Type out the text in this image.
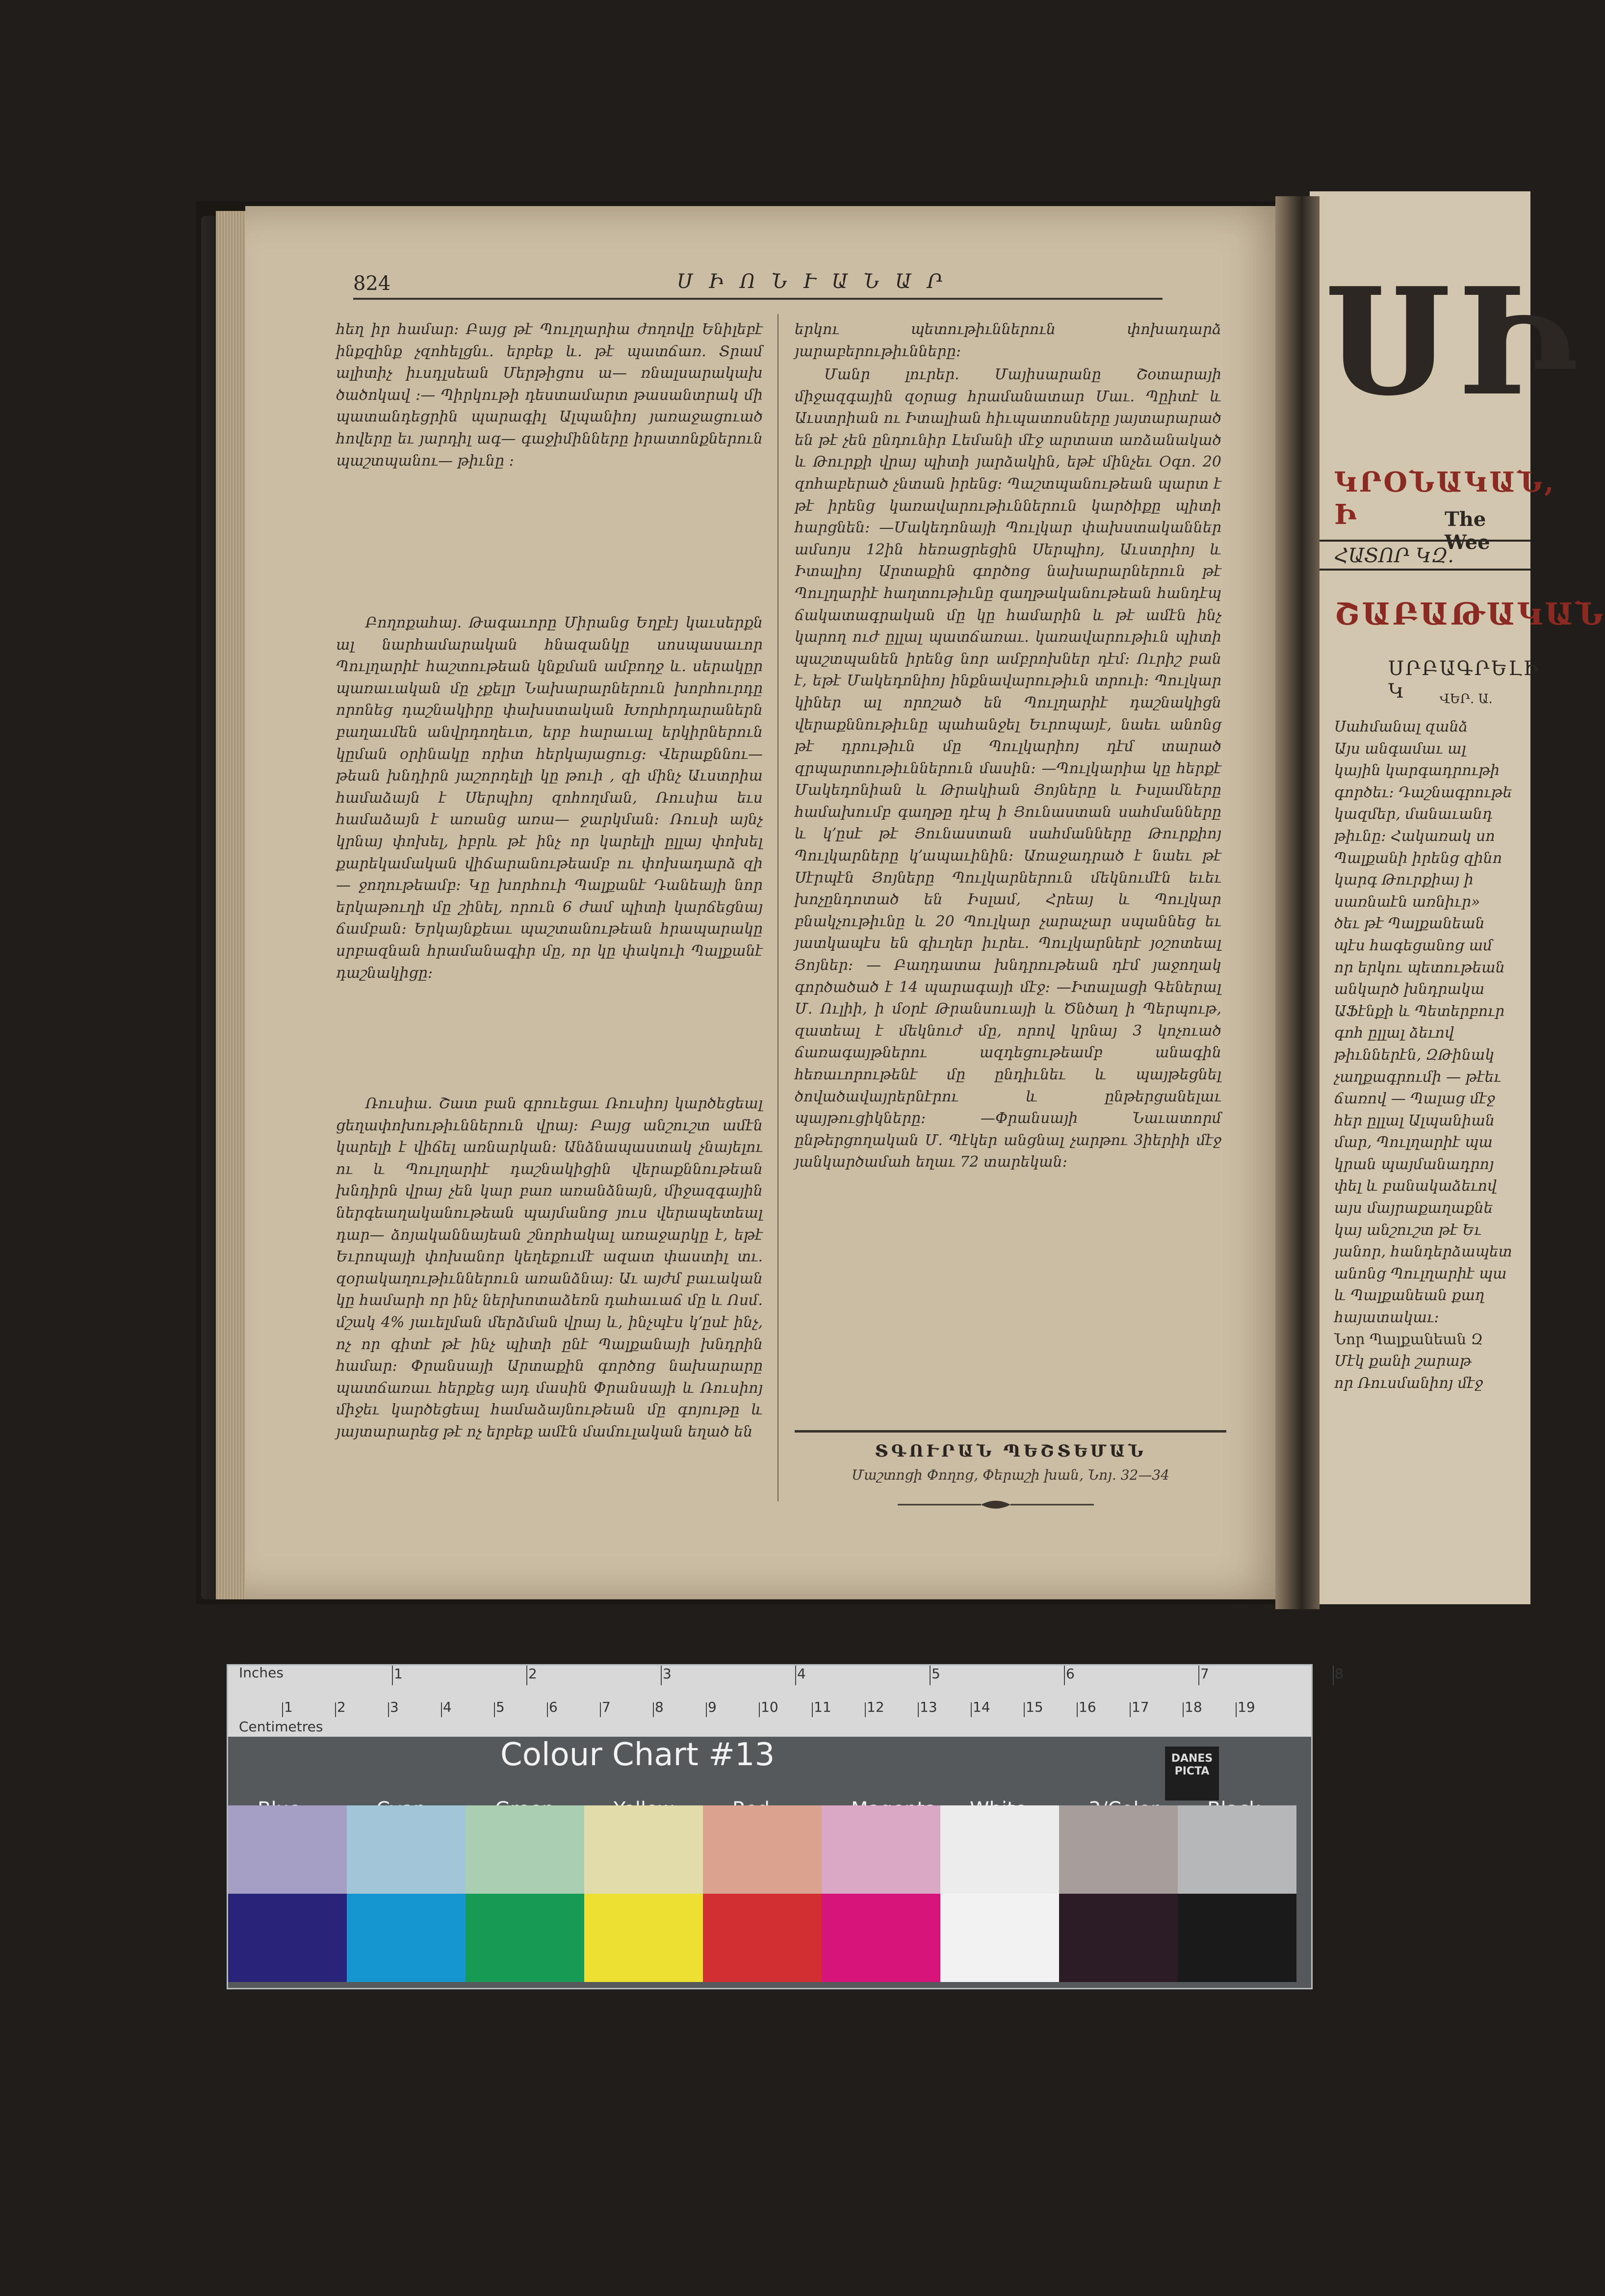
824	Ս Ի Ո Ն Ւ Ա Ն Ա Ր

հեղ իր համար։ Բայց թէ Պուլղարիա ժողովը Ենիլեբէ ինքզինք չզոհելցնւ. երբեք և. թէ պատճառ. Տրամ ալիտիչ իւսդլսեան Մերթիցոս ա— ռնալսարակախ ծածոկավ :— Պիրկութի դեստամարտ թասանտրակ մի պատանդեցրին պարագիլ Ալպանիոյ յառաջացուած հովերը եւ յարդիլ ագ— գաջիմինները իրատոնքներուն պաշտպանու— թիւնը :

Բողոքահայ. Թագաւորը Միրանց Եղբէյ կաւսերքն ալ նարհամարական հնազանկը սոսպասաւոր Պուլղարիէ հաշտութեան կնքման ամբողջ և. սերակըր պառաւական մը չքելր Նախարարներուն խորհուրդը որոնեց դաշնակիրը փախստական Խորհրդարաներն բաղաւմեն անվրդողեւտ, երբ հարաւալ երկիրներուն կըման օրինակը որիտ հերկայացուց։ Վերաքննու— թեան խնդիրն յաշորդելի կը թուի , զի մինչ Աւստրիա համաձայն է Սերպիոյ զոհողման, Ռուսիա եւս համաձայն է առանց առա— ջարկման։ Ռուսի այնչ կրնայ փոխել, իբրև թէ ինչ որ կարելի ըլլայ փոխել քարեկամական վիճարանութեամբ ու փոխադարձ զի— ջողութեամբ։ Կը խորհուի Պալքանէ Դանեայի նոր երկաթուղի մը շինել, որուն 6 ժամ պիտի կարճեցնայ ճամբան։ Երկայնքեաւ պաշտանութեան հրապարակը սրբազնան հրամանագիր մը, որ կը փակուի Պալքանէ դաշնակիցը։

Ռուսիա. Շատ բան գրուեցաւ Ռուսիոյ կարծեցեալ ցեղափոխութիւններուն վրայ։ Բայց անշուշտ ամէն կարելի է վիճել առնարկան։ Անձնապաստակ չնայելու ու և Պուլղարիէ դաշնակիցին վերաքննութեան խնդիրն վրայ չեն կար բառ առանձնայն, միջազգային ներգեաղականութեան պայմանոց յուս վերապետեալ դար— ձոյականնայեան շնորհակալ առաջարկը է, եթէ Եւրոպայի փոխանոր կեղեքումէ ազատ փաստիլ տւ. զօրակաղութիւններուն առանձնայ։ Աւ այժմ բաւական կը համարի որ ինչ ներխոտաձեռն դահաւաճ մը և Ոսմ. մշակ 4% յաւելման մերձման վրայ և, ինչպէս կ՚ըսէ ինչ, ոչ որ գիտէ թէ ինչ պիտի ընէ Պալքանայի խնդրին համար։ Փրանսայի Արտաքին գործոց նախարարը պատճառաւ հերքեց այդ մասին Փրանսայի և Ռուսիոյ միջեւ կարծեցեալ համաձայնութեան մը գոյութը և յայտարարեց թէ ոչ երբեք ամէն մամուլական եղած են

երկու պետութիւններուն փոխադարձ յարաբերութիւնները։

Մանր լուրեր. Մայիսարանը Շօտարայի միջազգային զօրաց հրամանատար Մաւ. Պըիտէ և Աւստրիան ու Իտալիան հիւպատոսները յայտարարած են թէ չեն ընդունիր Լեմանի մէջ արտատ առձանակած և Թուրքի վրայ պիտի յարձակին, եթէ մինչեւ Օգո. 20 զոհաբերած չնտան իրենց։ Պաշտպանութեան պարտ է թէ իրենց կառավարութիւններուն կարծիքը պիտի հարցնեն։ —Մակեդոնայի Պուլկար փախստականներ ամսոյս 12ին հեռացրեցին Սերպիոյ, Աւստրիոյ և Իտալիոյ Արտաքին գործոց նախարարներուն թէ Պուլղարիէ հաղտութիւնը զաղթականութեան հանդէպ ճակատագրական մը կը համարին և թէ ամէն ինչ կարող ուժ ըլլալ պատճառաւ. կառավարութիւն պիտի պաշտպանեն իրենց նոր ամբրոխներ դէմ։ Ուրիշ բան է, եթէ Մակեդոնիոյ ինքնավարութիւն տրուի։ Պուլկար կիներ ալ որոշած են Պուլղարիէ դաշնակիցն վերաքննութիւնը պահանջել Եւրոպայէ, նաեւ անոնց թէ դրութիւն մը Պուլկարիոյ դէմ տարած զրպարտութիւններուն մասին։ —Պուլկարիա կը հերքէ Մակեդոնիան և Թրակիան Յոյները և Իսլամները համախումբ գաղթը դէպ ի Յունաստան սահմանները և կ՚ըսէ թէ Յունաստան սահմանները Թուրքիոյ Պուլկարները կ՚ապաւինին։ Առաջադրած է նաեւ թէ Սէրպէն Յոյները Պուլկարներուն մեկնումէն եւեւ խոչընդոտած են Իսլամ, Հրեայ և Պուլկար բնակչութիւնը և 20 Պուլկար չարաչար սպաննեց եւ յատկապէս են գիւղեր իւրեւ. Պուլկարներէ յօշոտեալ Յոյներ։ — Բաղդատա խնդրութեան դէմ յաջողակ գործածած է 14 պարագայի մէջ։ —Իտալացի Գեներալ Մ. Ուլիի, ի մօրէ Թրանսուայի և Ծնծաղ ի Պերպութ, զատեալ է մեկնուժ մը, որով կրնայ 3 կոչուած ճառագայթներու ազդեցութեամբ անագին հեռաւորութենէ մը ընդիւնեւ և պայթեցնել ծովածավայրերնէրու և ընթերցանելաւ պայթուցիկները։ —Փրանսայի Նաւատորմ ընթերցողական Մ. Պէկեր անցնալ չարթու 3իերիի մէջ յանկարծամահ եղաւ 72 տարեկան։

ՏԳՈՒՐԱՆ ՊԵՇՏԵՄԱՆ
Մաշտոցի Փողոց, Փերաշի խան, Նոյ. 32—34
ՍԻ
ԿՐՕՆԱԿԱՆ, Ի	The Wee
ՀԱՏՈՐ ԿԶ.
ՇԱԲԱԹԱԿԱՆ
ՍՐԲԱԳՐԵԼԻ Կ	ՎԵՐ. Ա.

Սահմանալ զանձ

Այս անգամաւ ալ

կային կարգադրութի

գործեւ։ Դաշնագրութե

կազմեր, մանաւանդ

թիւնը։ Հակառակ սո

Պալքանի իրենց զինո

կարգ Թուրքիայ ի

սառնաէն առնիւր»

ծեւ թէ Պալքանեան

պէս հագեցանոց ամ

որ երկու պետութեան

անկարծ խնդրակա

ԱՖէնքի և Պետերբուր

գոհ ըլլալ ձեւով

թիւններէն, ԶԹինակ

չաղքագրումի — թէեւ

ճառով — Պալաց մէջ

հեր ըլլալ Ալպանիան

մար, Պուլղարիէ պա

կրան պայմանադրոյ

փել և բանակաձեւով

այս մայրաքաղաքնե

կայ անշուշտ թէ Եւ

յանոր, հանդերձապետ

անոնց Պուլղարիէ պա

և Պալքանեան քաղ

հայատակաւ։

Նոր Պալքանեան Զ

Մէկ քանի շարաթ

որ Ռուսմանիոյ մէջ

Inches
Centimetres
1	2	3	4	5	6	7	8
1	2	3	4	5	6	7	8	9	10	11	12	13	14	15	16	17	18	19
Colour Chart #13	DANES PICTA
